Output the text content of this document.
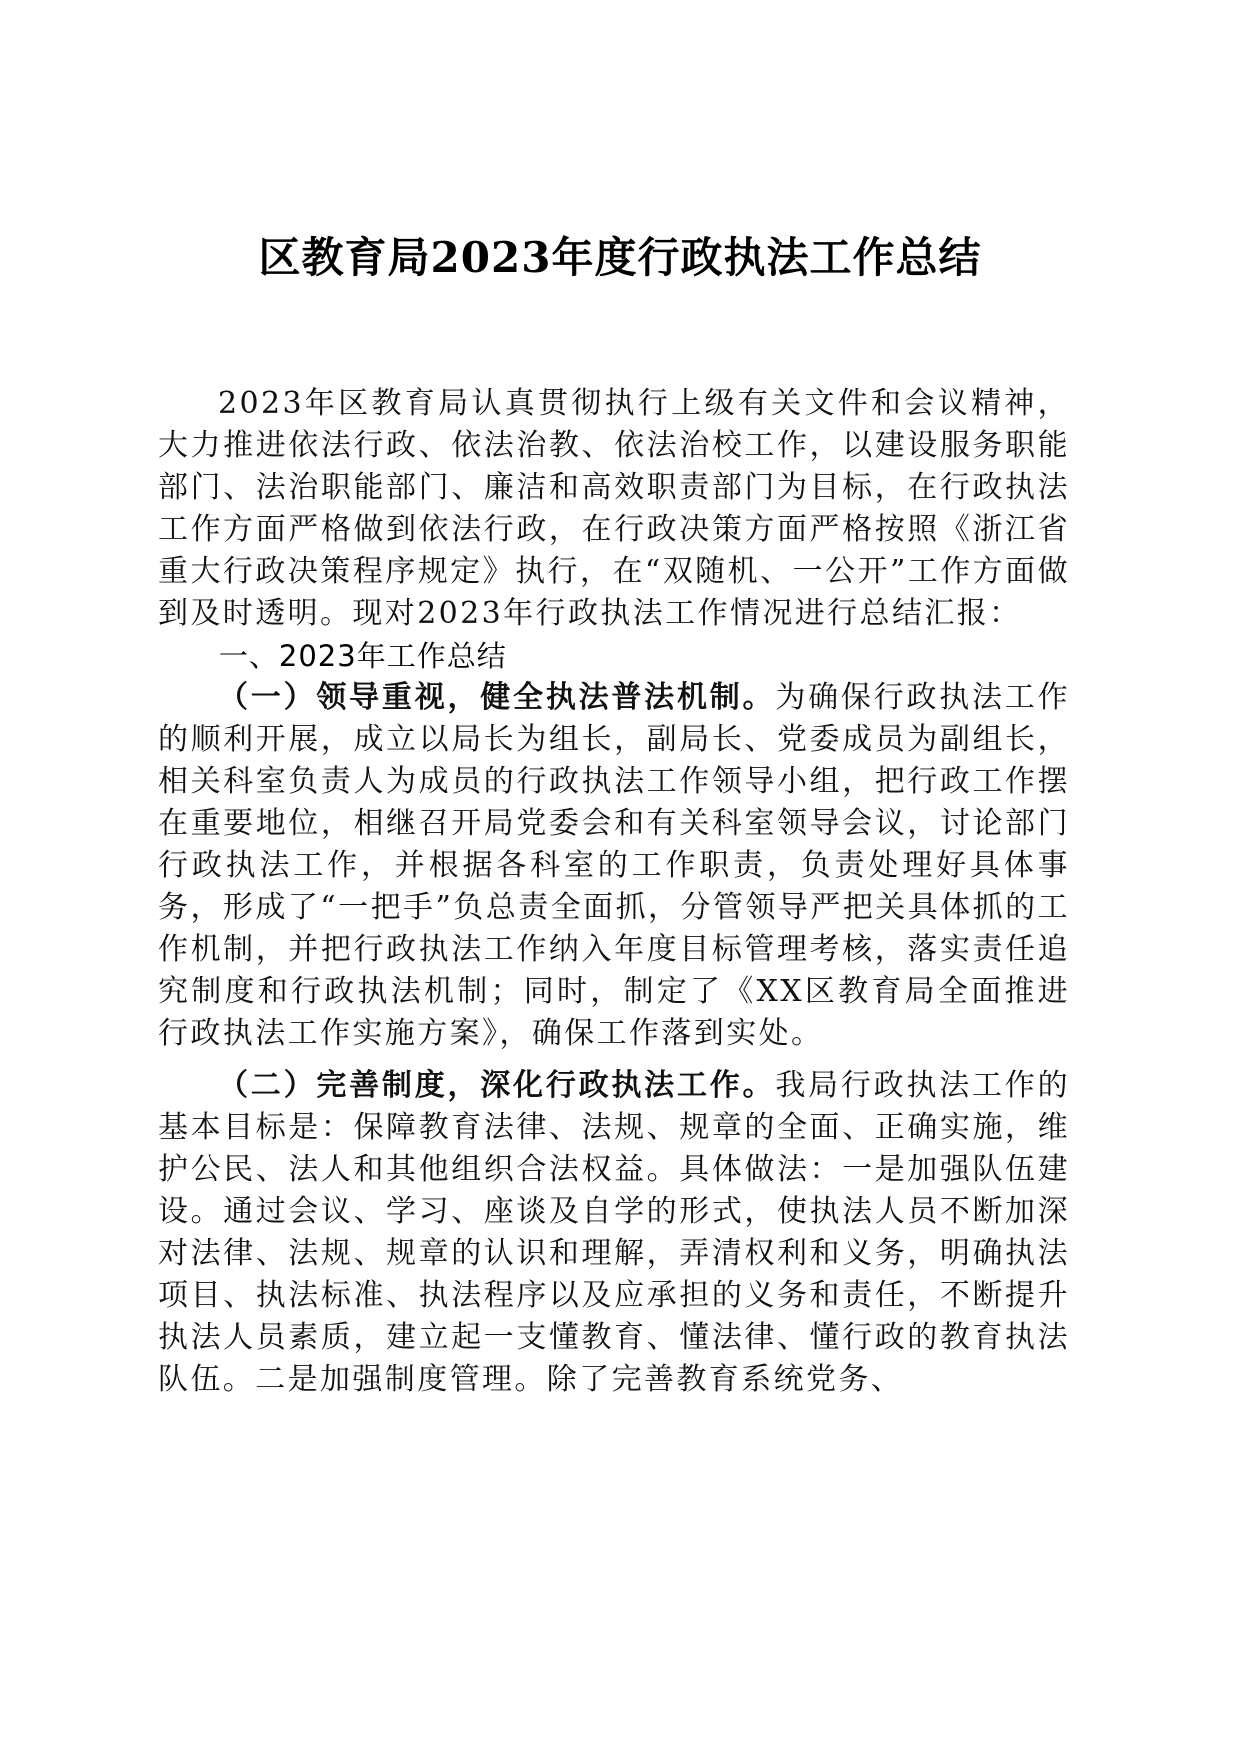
区教育局2023年度行政执法工作总结

2023年区教育局认真贯彻执行上级有关文件和会议精神，大力推进依法行政、依法治教、依法治校工作，以建设服务职能部门、法治职能部门、廉洁和高效职责部门为目标，在行政执法工作方面严格做到依法行政，在行政决策方面严格按照《浙江省重大行政决策程序规定》执行，在“双随机、一公开”工作方面做到及时透明。现对2023年行政执法工作情况进行总结汇报：

一、2023年工作总结

（一）领导重视，健全执法普法机制。为确保行政执法工作的顺利开展，成立以局长为组长，副局长、党委成员为副组长，相关科室负责人为成员的行政执法工作领导小组，把行政工作摆在重要地位，相继召开局党委会和有关科室领导会议，讨论部门行政执法工作，并根据各科室的工作职责，负责处理好具体事务，形成了“一把手”负总责全面抓，分管领导严把关具体抓的工作机制，并把行政执法工作纳入年度目标管理考核，落实责任追究制度和行政执法机制；同时，制定了《XX区教育局全面推进行政执法工作实施方案》，确保工作落到实处。

（二）完善制度，深化行政执法工作。我局行政执法工作的基本目标是：保障教育法律、法规、规章的全面、正确实施，维护公民、法人和其他组织合法权益。具体做法：一是加强队伍建设。通过会议、学习、座谈及自学的形式，使执法人员不断加深对法律、法规、规章的认识和理解，弄清权利和义务，明确执法项目、执法标准、执法程序以及应承担的义务和责任，不断提升执法人员素质，建立起一支懂教育、懂法律、懂行政的教育执法队伍。二是加强制度管理。除了完善教育系统党务、
